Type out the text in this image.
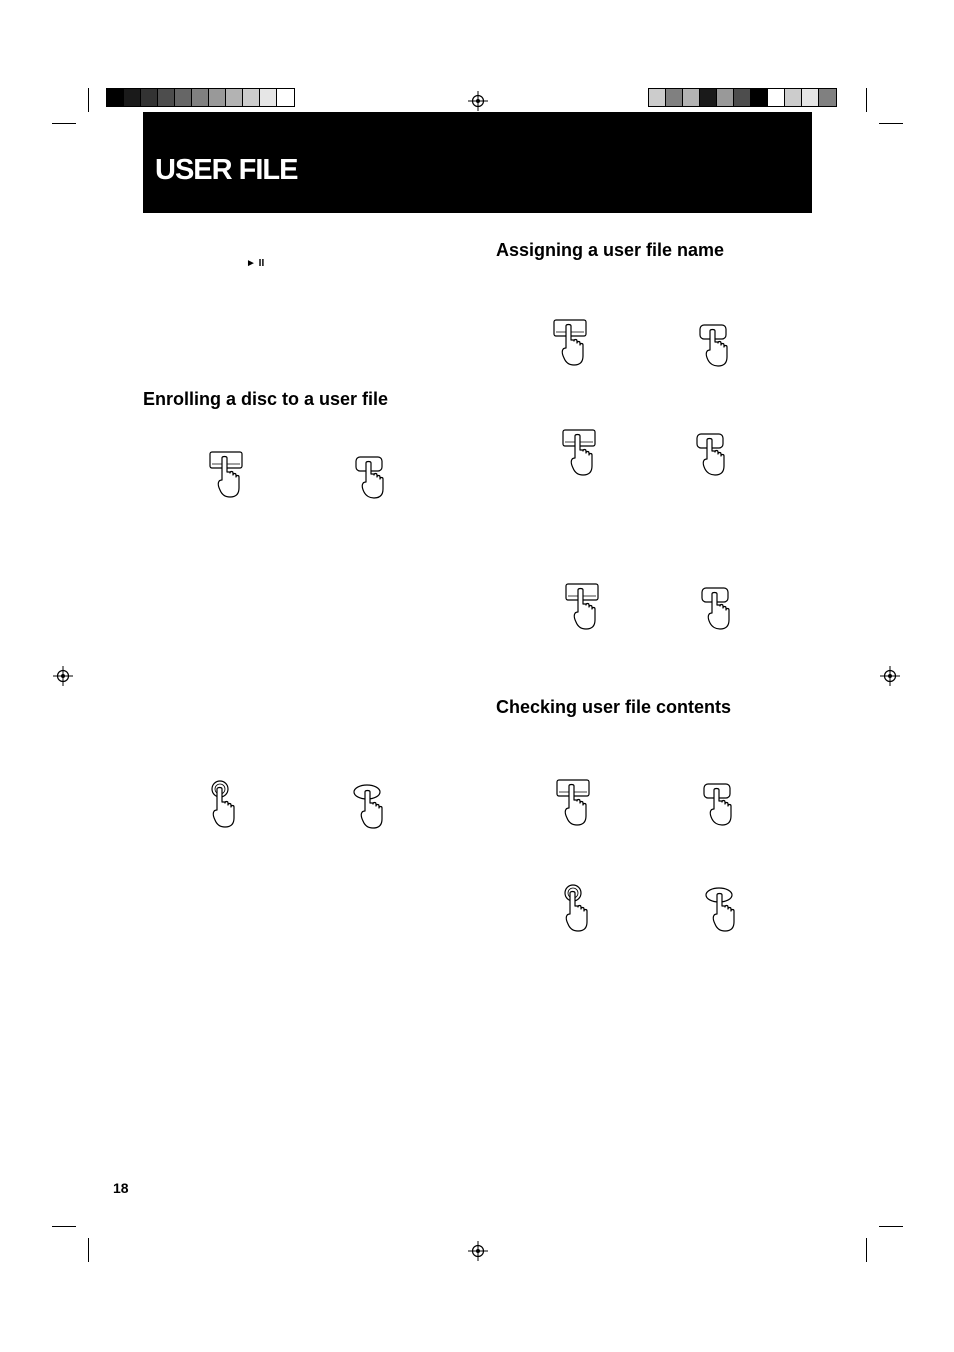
USER FILE
► II
Enrolling a disc to a user file
Assigning a user file name
Checking user file contents
18
